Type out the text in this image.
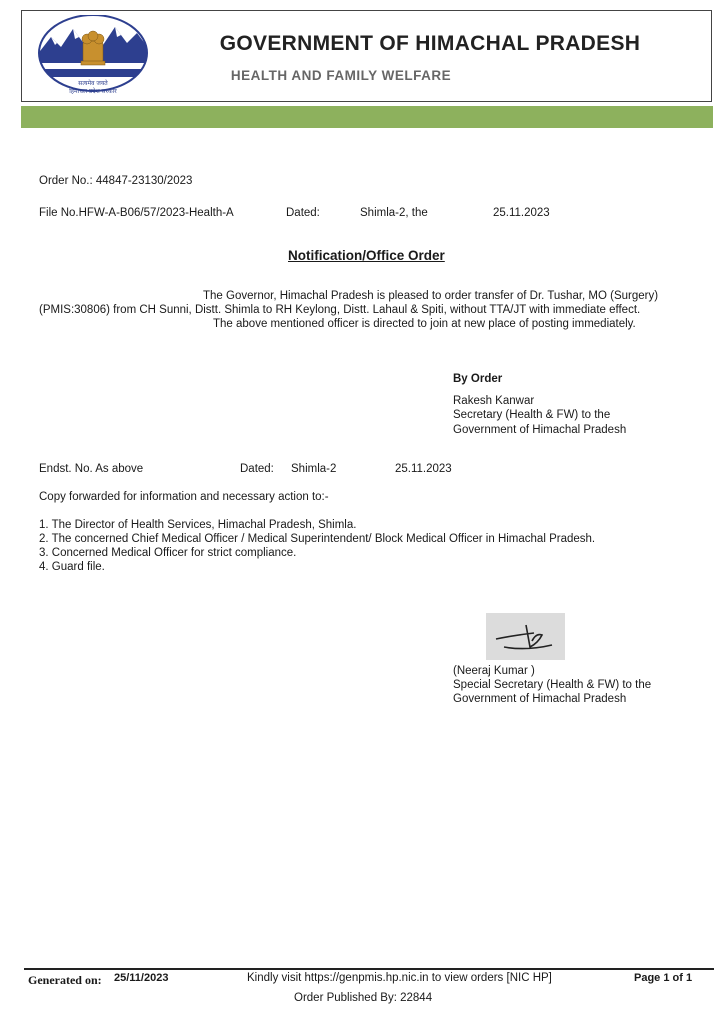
सत्यमेव जयते
हिमाचल प्रदेश सरकार
GOVERNMENT OF HIMACHAL PRADESH
HEALTH AND FAMILY WELFARE
Order No.: 44847-23130/2023
File No.HFW-A-B06/57/2023-Health-A	Dated:	Shimla-2, the	25.11.2023
Notification/Office Order
The Governor, Himachal Pradesh is pleased to order transfer of Dr. Tushar, MO (Surgery)
(PMIS:30806) from CH Sunni, Distt. Shimla to RH Keylong, Distt. Lahaul & Spiti, without TTA/JT with immediate effect.
The above mentioned officer is directed to join at new place of posting immediately.
By Order
Rakesh Kanwar
Secretary (Health & FW) to the
Government of Himachal Pradesh
Endst. No. As above	Dated: Shimla-2	25.11.2023
Copy forwarded for information and necessary action to:-
1. The Director of Health Services, Himachal Pradesh, Shimla.
2. The concerned Chief Medical Officer / Medical Superintendent/ Block Medical Officer in Himachal Pradesh.
3. Concerned Medical Officer for strict compliance.
4. Guard file.
(Neeraj Kumar )
Special Secretary (Health & FW) to the
Government of Himachal Pradesh
Generated on: 25/11/2023	Kindly visit https://genpmis.hp.nic.in to view orders [NIC HP]	Page 1 of 1
Order Published By: 22844
